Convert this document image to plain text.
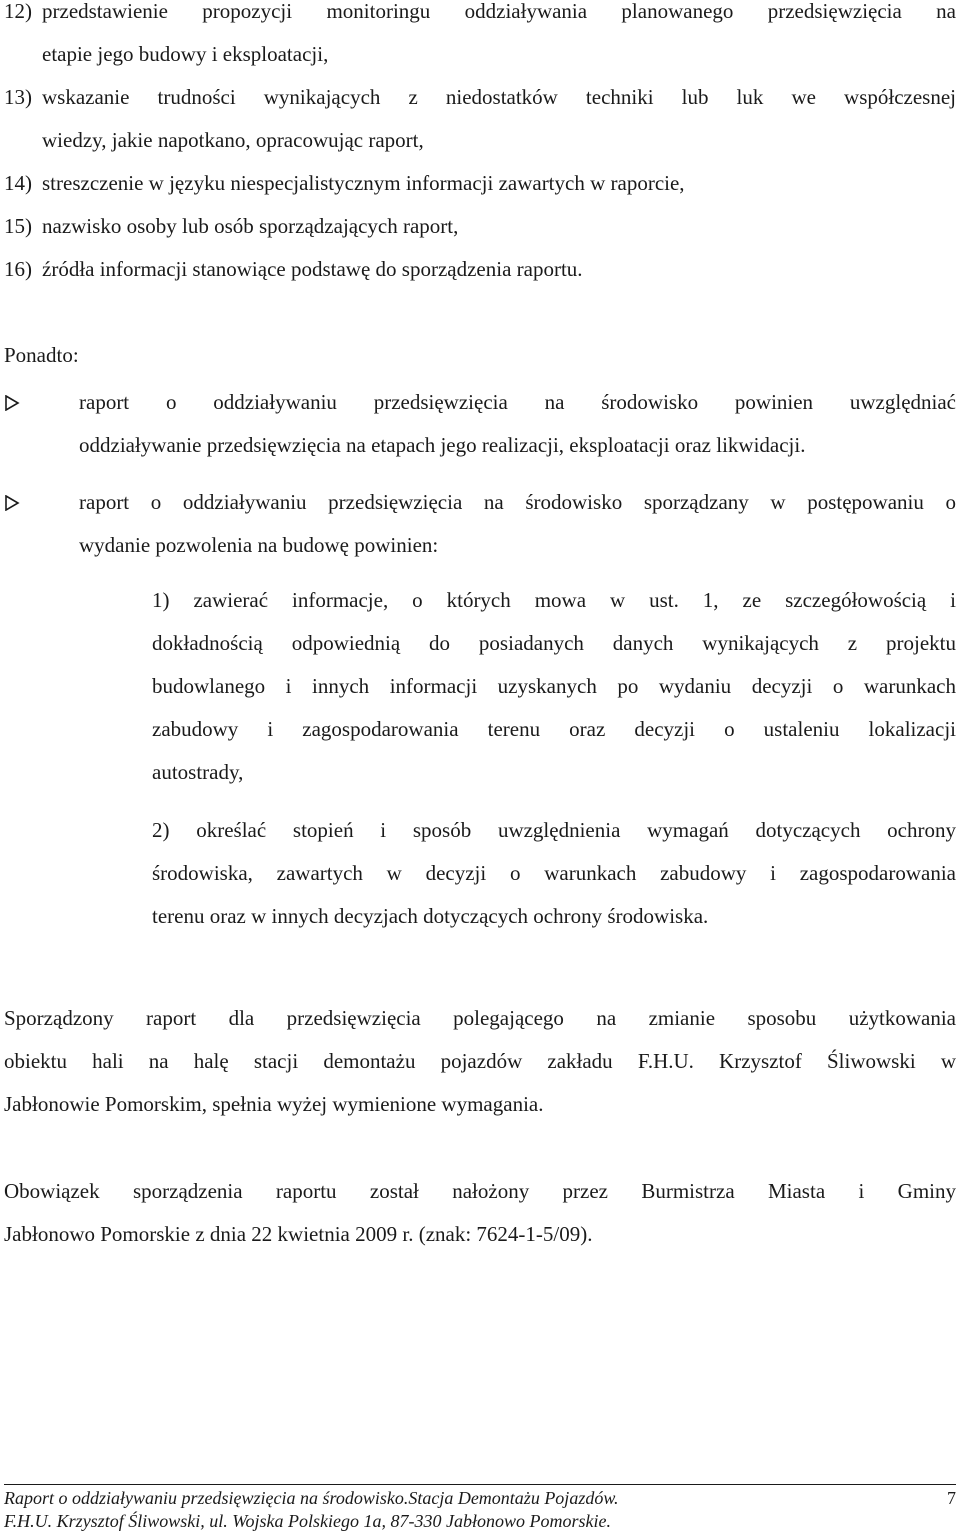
12) przedstawienie propozycji monitoringu oddziaływania planowanego przedsięwzięcia na
etapie jego budowy i eksploatacji,
13) wskazanie trudności wynikających z niedostatków techniki lub luk we współczesnej
wiedzy, jakie napotkano, opracowując raport,
14) streszczenie w języku niespecjalistycznym informacji zawartych w raporcie,
15) nazwisko osoby lub osób sporządzających raport,
16) źródła informacji stanowiące podstawę do sporządzenia raportu.
Ponadto:
raport o oddziaływaniu przedsięwzięcia na środowisko powinien uwzględniać
oddziaływanie przedsięwzięcia na etapach jego realizacji, eksploatacji oraz likwidacji.
raport o oddziaływaniu przedsięwzięcia na środowisko sporządzany w postępowaniu o
wydanie pozwolenia na budowę powinien:
1) zawierać informacje, o których mowa w ust. 1, ze szczegółowością i
dokładnością odpowiednią do posiadanych danych wynikających z projektu
budowlanego i innych informacji uzyskanych po wydaniu decyzji o warunkach
zabudowy i zagospodarowania terenu oraz decyzji o ustaleniu lokalizacji
autostrady,
2) określać stopień i sposób uwzględnienia wymagań dotyczących ochrony
środowiska, zawartych w decyzji o warunkach zabudowy i zagospodarowania
terenu oraz w innych decyzjach dotyczących ochrony środowiska.
Sporządzony raport dla przedsięwzięcia polegającego na zmianie sposobu użytkowania
obiektu hali na halę stacji demontażu pojazdów zakładu F.H.U. Krzysztof Śliwowski w
Jabłonowie Pomorskim, spełnia wyżej wymienione wymagania.
Obowiązek sporządzenia raportu został nałożony przez Burmistrza Miasta i Gminy
Jabłonowo Pomorskie z dnia 22 kwietnia 2009 r. (znak: 7624-1-5/09).
Raport o oddziaływaniu przedsięwzięcia na środowisko.Stacja Demontażu Pojazdów.	7
F.H.U. Krzysztof Śliwowski, ul. Wojska Polskiego 1a, 87-330 Jabłonowo Pomorskie.
